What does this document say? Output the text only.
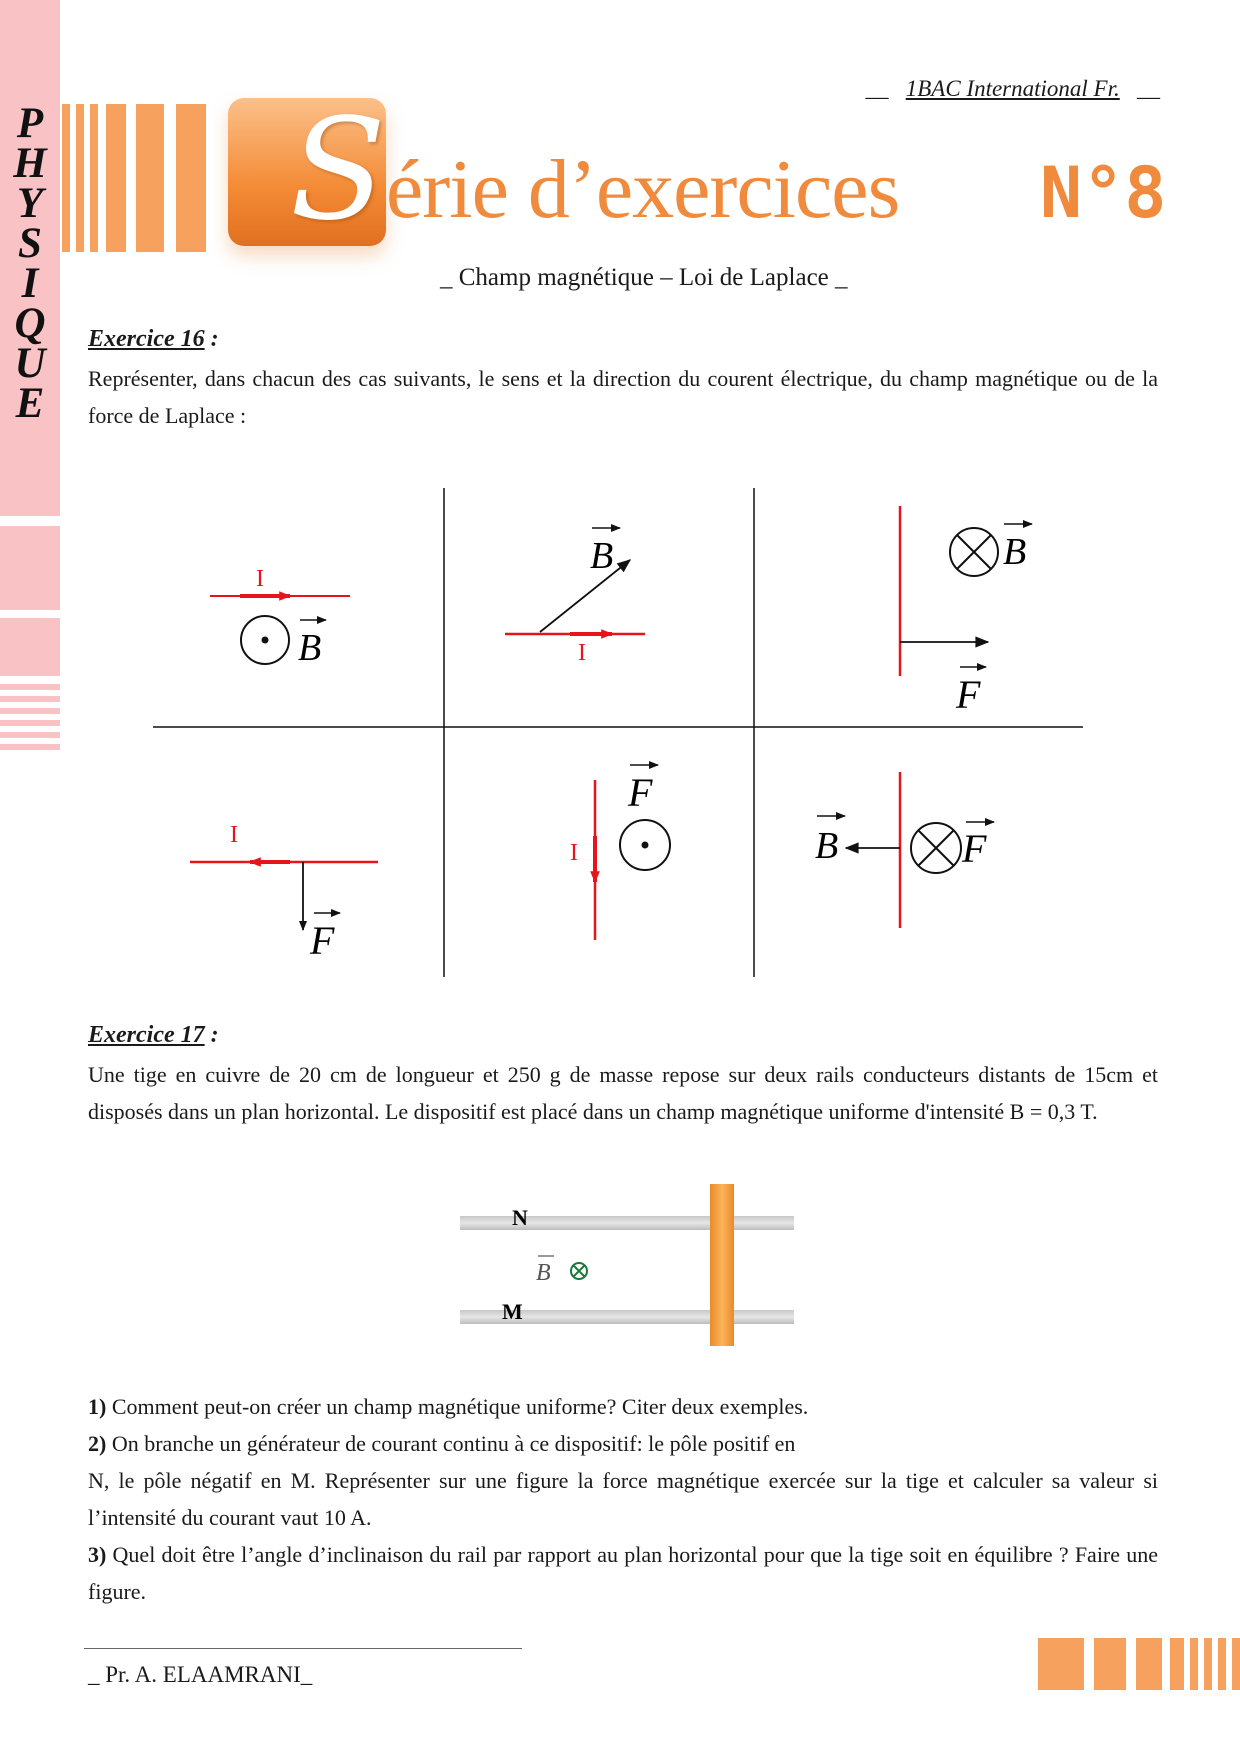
P
H
Y
S
I
Q
U
E
__   1BAC International Fr.   __
S érie d’exercices N°8
_ Champ magnétique – Loi de Laplace _
Exercice 16 :
Représenter, dans chacun des cas suivants, le sens et la direction du courent électrique, du champ magnétique ou de la force de Laplace :
I
B	I
B	B
F
I
F
I
F
B	F
Exercice 17 :
Une tige en cuivre de 20 cm de longueur et 250 g de masse repose sur deux rails conducteurs distants de 15cm et disposés dans un plan horizontal. Le dispositif est placé dans un champ magnétique uniforme d'intensité B = 0,3 T.
N
M
B
1) Comment peut-on créer un champ magnétique uniforme? Citer deux exemples.
2) On branche un générateur de courant continu à ce dispositif: le pôle positif en
N, le pôle négatif en M. Représenter sur une figure la force magnétique exercée sur la tige et calculer sa valeur si l’intensité du courant vaut 10 A.
3) Quel doit être l’angle d’inclinaison du rail par rapport au plan horizontal pour que la tige soit en équilibre ? Faire une figure.
_ Pr. A. ELAAMRANI_
